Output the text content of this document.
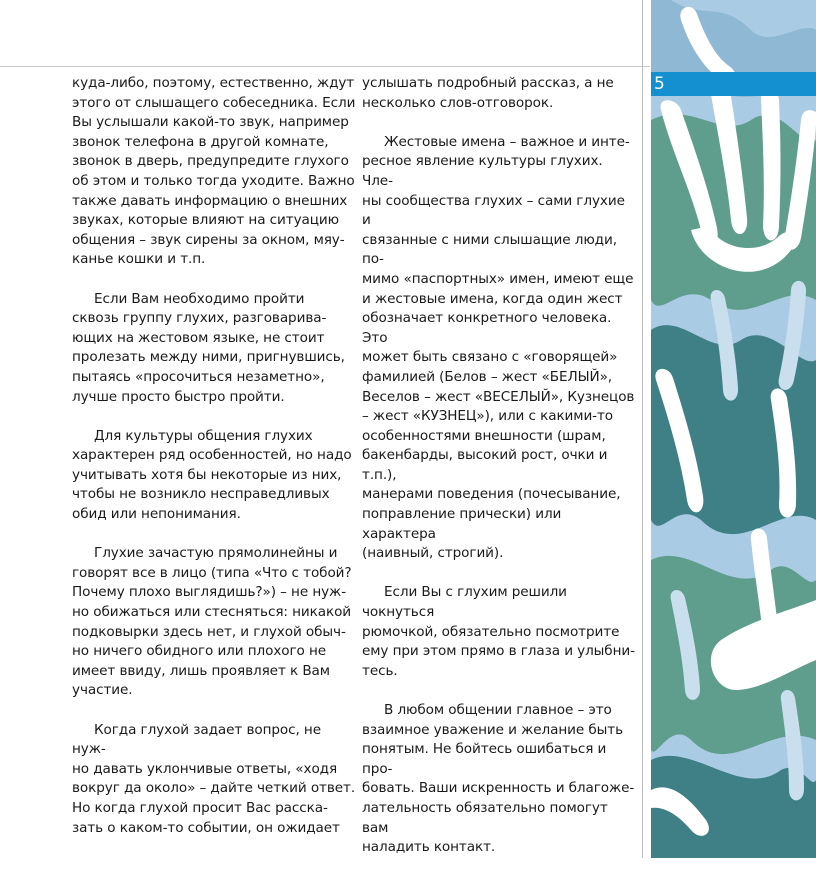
куда-либо, поэтому, естественно, ждут
этого от слышащего собеседника. Если
Вы услышали какой-то звук, например
звонок телефона в другой комнате,
звонок в дверь, предупредите глухого
об этом и только тогда уходите. Важно
также давать информацию о внешних
звуках, которые влияют на ситуацию
общения – звук сирены за окном, мяу-
канье кошки и т.п.

Если Вам необходимо пройти
сквозь группу глухих, разговарива-
ющих на жестовом языке, не стоит
пролезать между ними, пригнувшись,
пытаясь «просочиться незаметно»,
лучше просто быстро пройти.

Для культуры общения глухих
характерен ряд особенностей, но надо
учитывать хотя бы некоторые из них,
чтобы не возникло несправедливых
обид или непонимания.

Глухие зачастую прямолинейны и
говорят все в лицо (типа «Что с тобой?
Почему плохо выглядишь?») – не нуж-
но обижаться или стесняться: никакой
подковырки здесь нет, и глухой обыч-
но ничего обидного или плохого не
имеет ввиду, лишь проявляет к Вам
участие.

Когда глухой задает вопрос, не нуж-
но давать уклончивые ответы, «ходя
вокруг да около» – дайте четкий ответ.
Но когда глухой просит Вас расска-
зать о каком-то событии, он ожидает

услышать подробный рассказ, а не
несколько слов-отговорок.

Жестовые имена – важное и инте-
ресное явление культуры глухих. Чле-
ны сообщества глухих – сами глухие и
связанные с ними слышащие люди, по-
мимо «паспортных» имен, имеют еще
и жестовые имена, когда один жест
обозначает конкретного человека. Это
может быть связано с «говорящей»
фамилией (Белов – жест «БЕЛЫЙ»,
Веселов – жест «ВЕСЕЛЫЙ», Кузнецов
– жест «КУЗНЕЦ»), или с какими-то
особенностями внешности (шрам,
бакенбарды, высокий рост, очки и т.п.),
манерами поведения (почесывание,
поправление прически) или характера
(наивный, строгий).

Если Вы с глухим решили чокнуться
рюмочкой, обязательно посмотрите
ему при этом прямо в глаза и улыбни-
тесь.

В любом общении главное – это
взаимное уважение и желание быть
понятым. Не бойтесь ошибаться и про-
бовать. Ваши искренность и благоже-
лательность обязательно помогут вам
наладить контакт.

5
